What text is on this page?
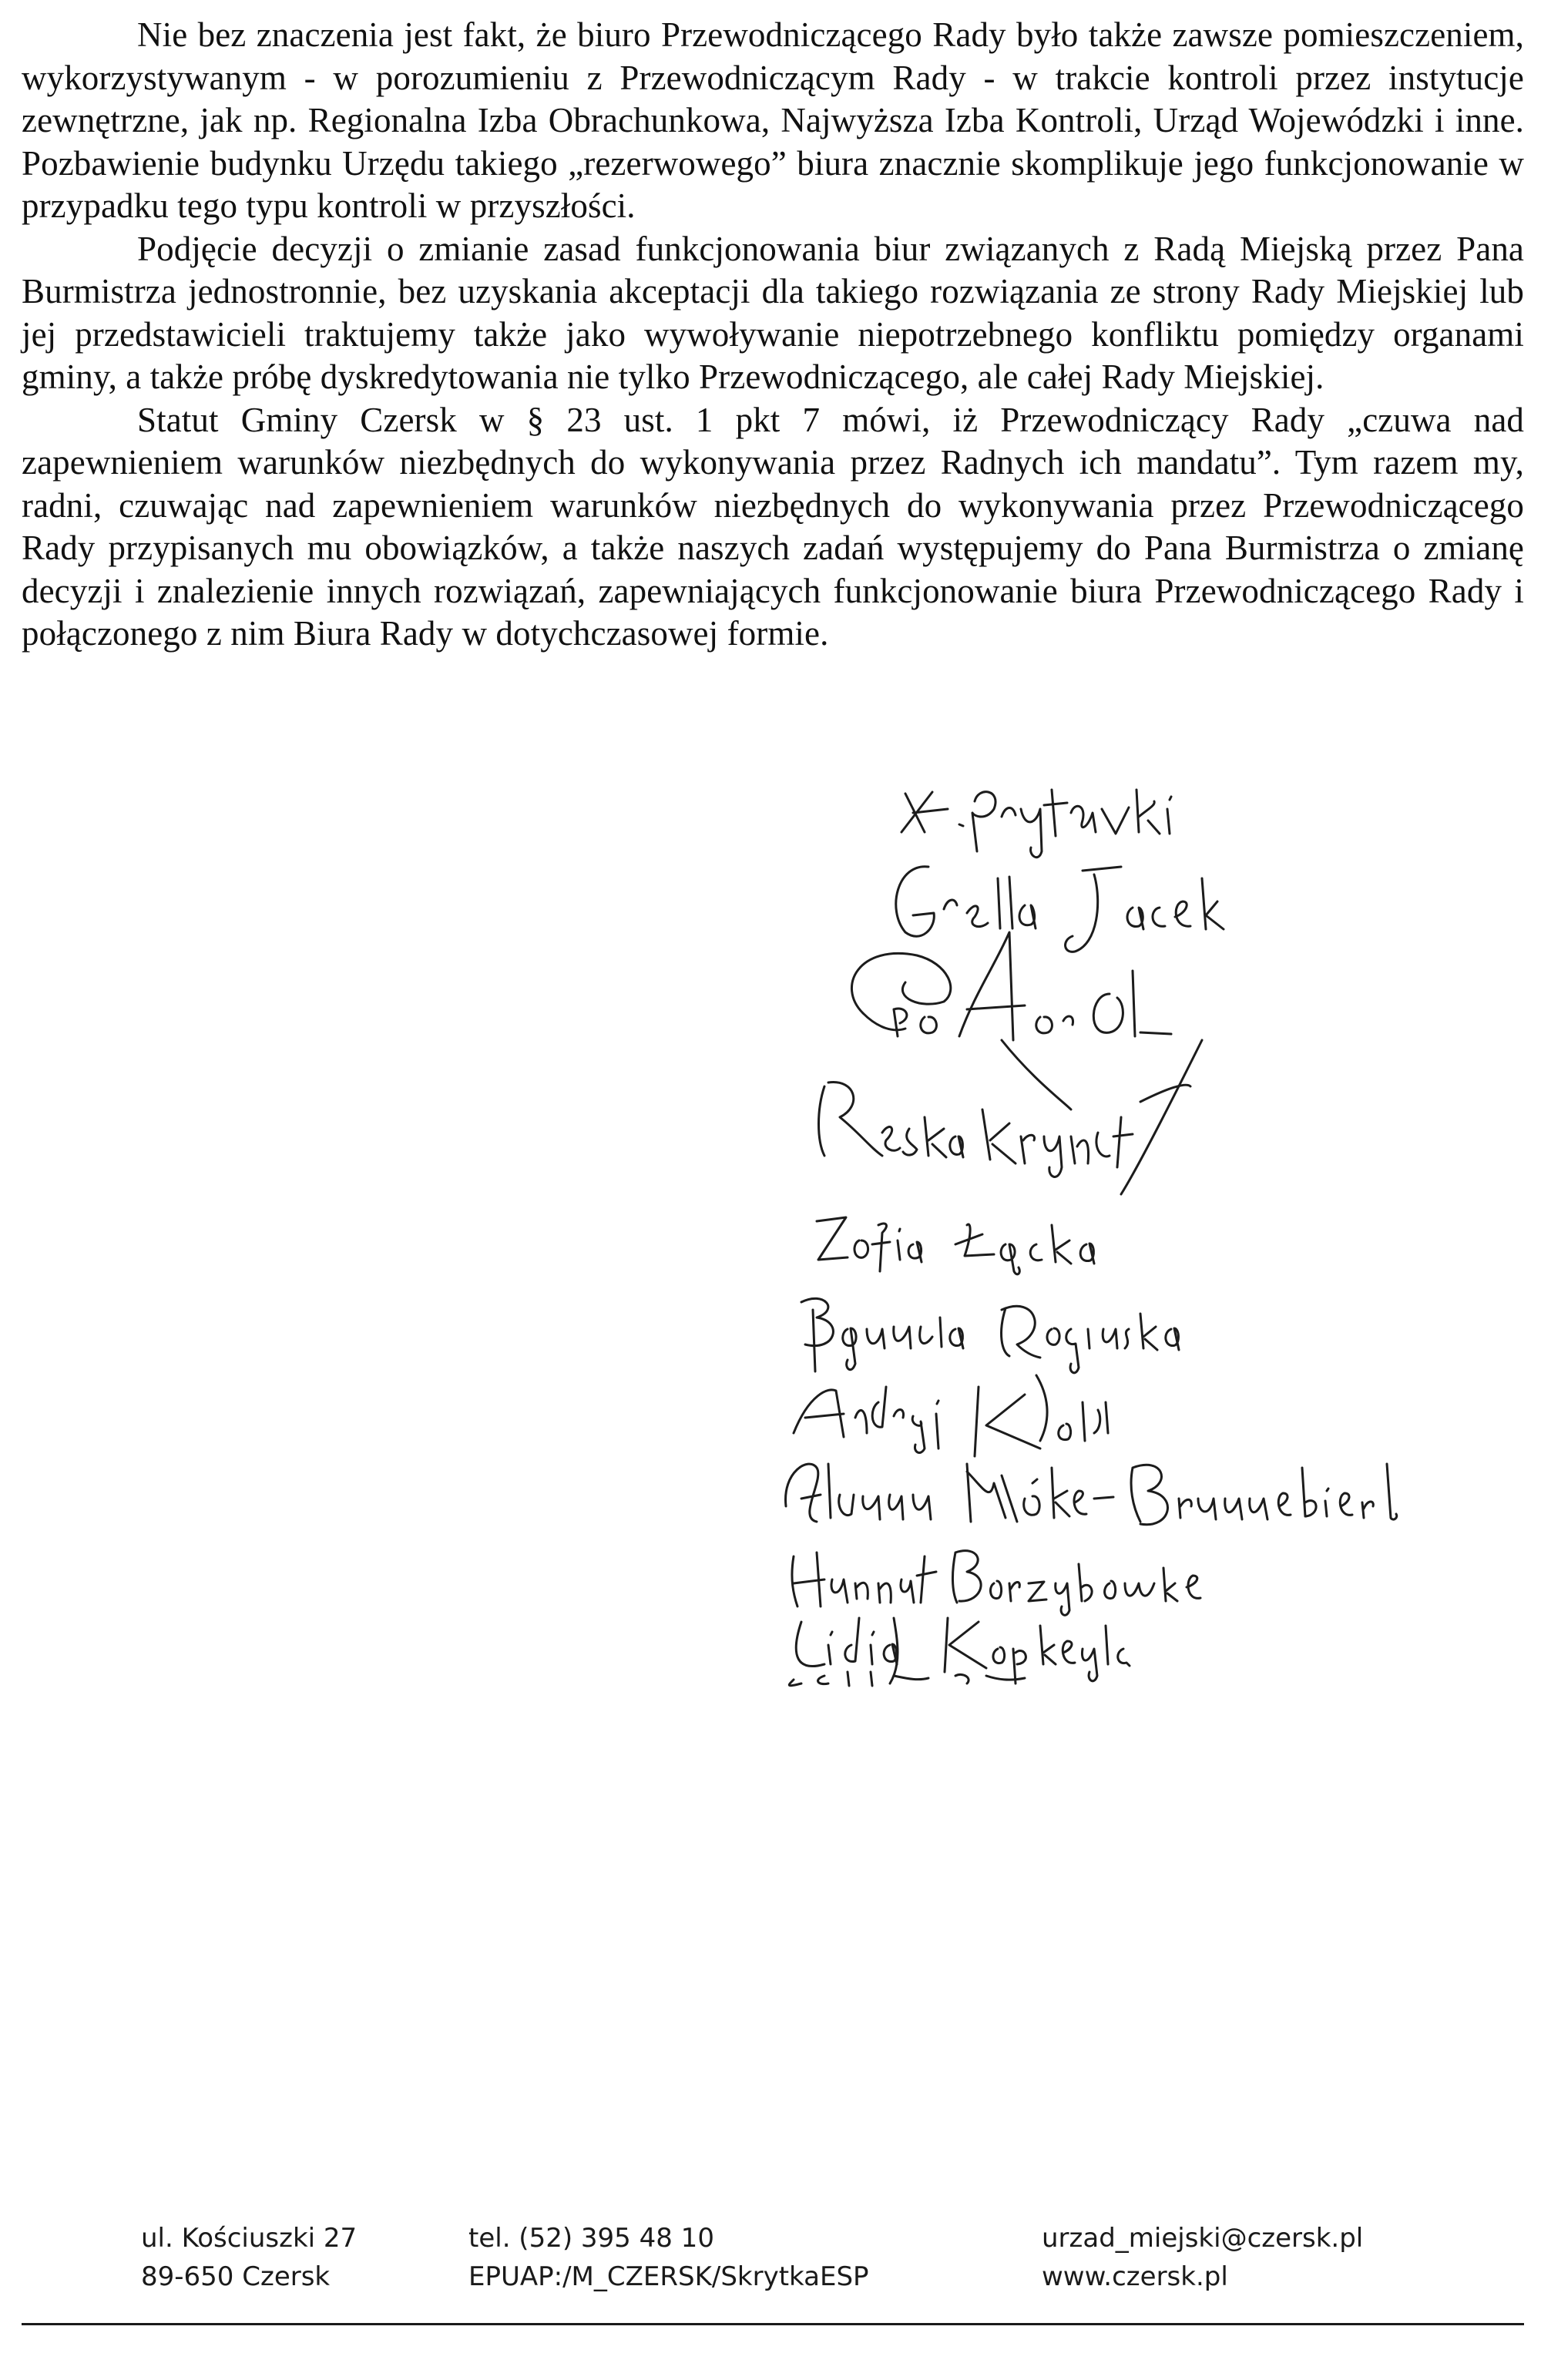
Nie bez znaczenia jest fakt, że biuro Przewodniczącego Rady było także zawsze pomieszczeniem, wykorzystywanym - w porozumieniu z Przewodniczącym Rady - w trakcie kontroli przez instytucje zewnętrzne, jak np. Regionalna Izba Obrachunkowa, Najwyższa Izba Kontroli, Urząd Wojewódzki i inne. Pozbawienie budynku Urzędu takiego „rezerwowego” biura znacznie skomplikuje jego funkcjonowanie w przypadku tego typu kontroli w przyszłości.

Podjęcie decyzji o zmianie zasad funkcjonowania biur związanych z Radą Miejską przez Pana Burmistrza jednostronnie, bez uzyskania akceptacji dla takiego rozwiązania ze strony Rady Miejskiej lub jej przedstawicieli traktujemy także jako wywoływanie niepotrzebnego konfliktu pomiędzy organami gminy, a także próbę dyskredytowania nie tylko Przewodniczącego, ale całej Rady Miejskiej.

Statut Gminy Czersk w § 23 ust. 1 pkt 7 mówi, iż Przewodniczący Rady „czuwa nad zapewnieniem warunków niezbędnych do wykonywania przez Radnych ich mandatu”. Tym razem my, radni, czuwając nad zapewnieniem warunków niezbędnych do wykonywania przez Przewodniczącego Rady przypisanych mu obowiązków, a także naszych zadań występujemy do Pana Burmistrza o zmianę decyzji i znalezienie innych rozwiązań, zapewniających funkcjonowanie biura Przewodniczącego Rady i połączonego z nim Biura Rady w dotychczasowej formie.

ul. Kościuszki 27
89-650 Czersk
tel. (52) 395 48 10
EPUAP:/M_CZERSK/SkrytkaESP
urzad_miejski@czersk.pl
www.czersk.pl
